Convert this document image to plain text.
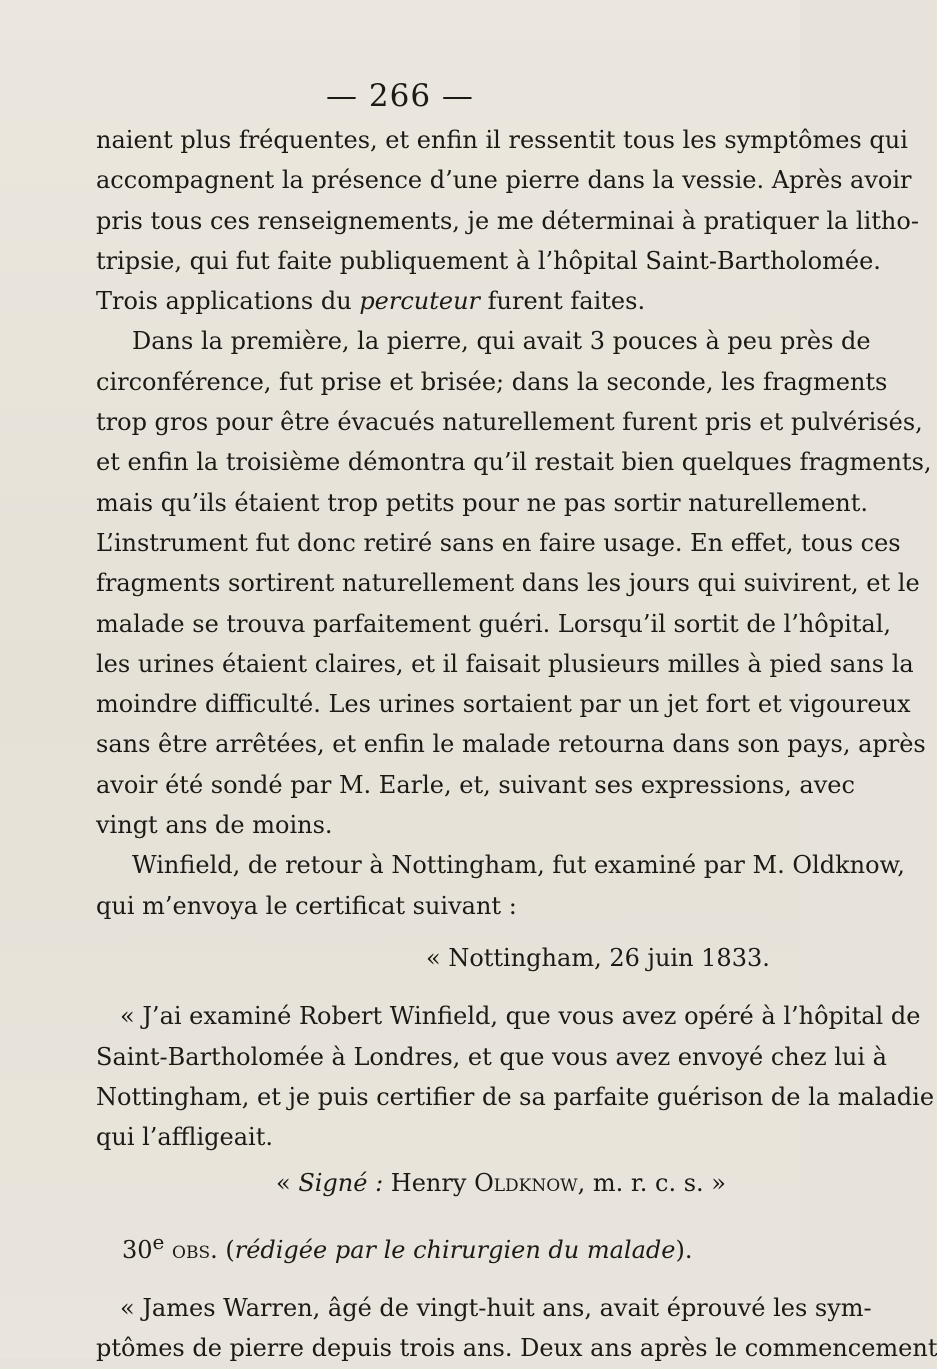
— 266 —
naient plus fréquentes, et enfin il ressentit tous les symptômes qui
accompagnent la présence d’une pierre dans la vessie. Après avoir
pris tous ces renseignements, je me déterminai à pratiquer la litho-
tripsie, qui fut faite publiquement à l’hôpital Saint-Bartholomée.
Trois applications du percuteur furent faites.
Dans la première, la pierre, qui avait 3 pouces à peu près de
circonférence, fut prise et brisée; dans la seconde, les fragments
trop gros pour être évacués naturellement furent pris et pulvérisés,
et enfin la troisième démontra qu’il restait bien quelques fragments,
mais qu’ils étaient trop petits pour ne pas sortir naturellement.
L’instrument fut donc retiré sans en faire usage. En effet, tous ces
fragments sortirent naturellement dans les jours qui suivirent, et le
malade se trouva parfaitement guéri. Lorsqu’il sortit de l’hôpital,
les urines étaient claires, et il faisait plusieurs milles à pied sans la
moindre difficulté. Les urines sortaient par un jet fort et vigoureux
sans être arrêtées, et enfin le malade retourna dans son pays, après
avoir été sondé par M. Earle, et, suivant ses expressions, avec
vingt ans de moins.
Winfield, de retour à Nottingham, fut examiné par M. Oldknow,
qui m’envoya le certificat suivant :
« Nottingham, 26 juin 1833.
« J’ai examiné Robert Winfield, que vous avez opéré à l’hôpital de
Saint-Bartholomée à Londres, et que vous avez envoyé chez lui à
Nottingham, et je puis certifier de sa parfaite guérison de la maladie
qui l’affligeait.
« Signé : Henry Oldknow, m. r. c. s. »
30e obs. (rédigée par le chirurgien du malade).
« James Warren, âgé de vingt-huit ans, avait éprouvé les sym-
ptômes de pierre depuis trois ans. Deux ans après le commencement
